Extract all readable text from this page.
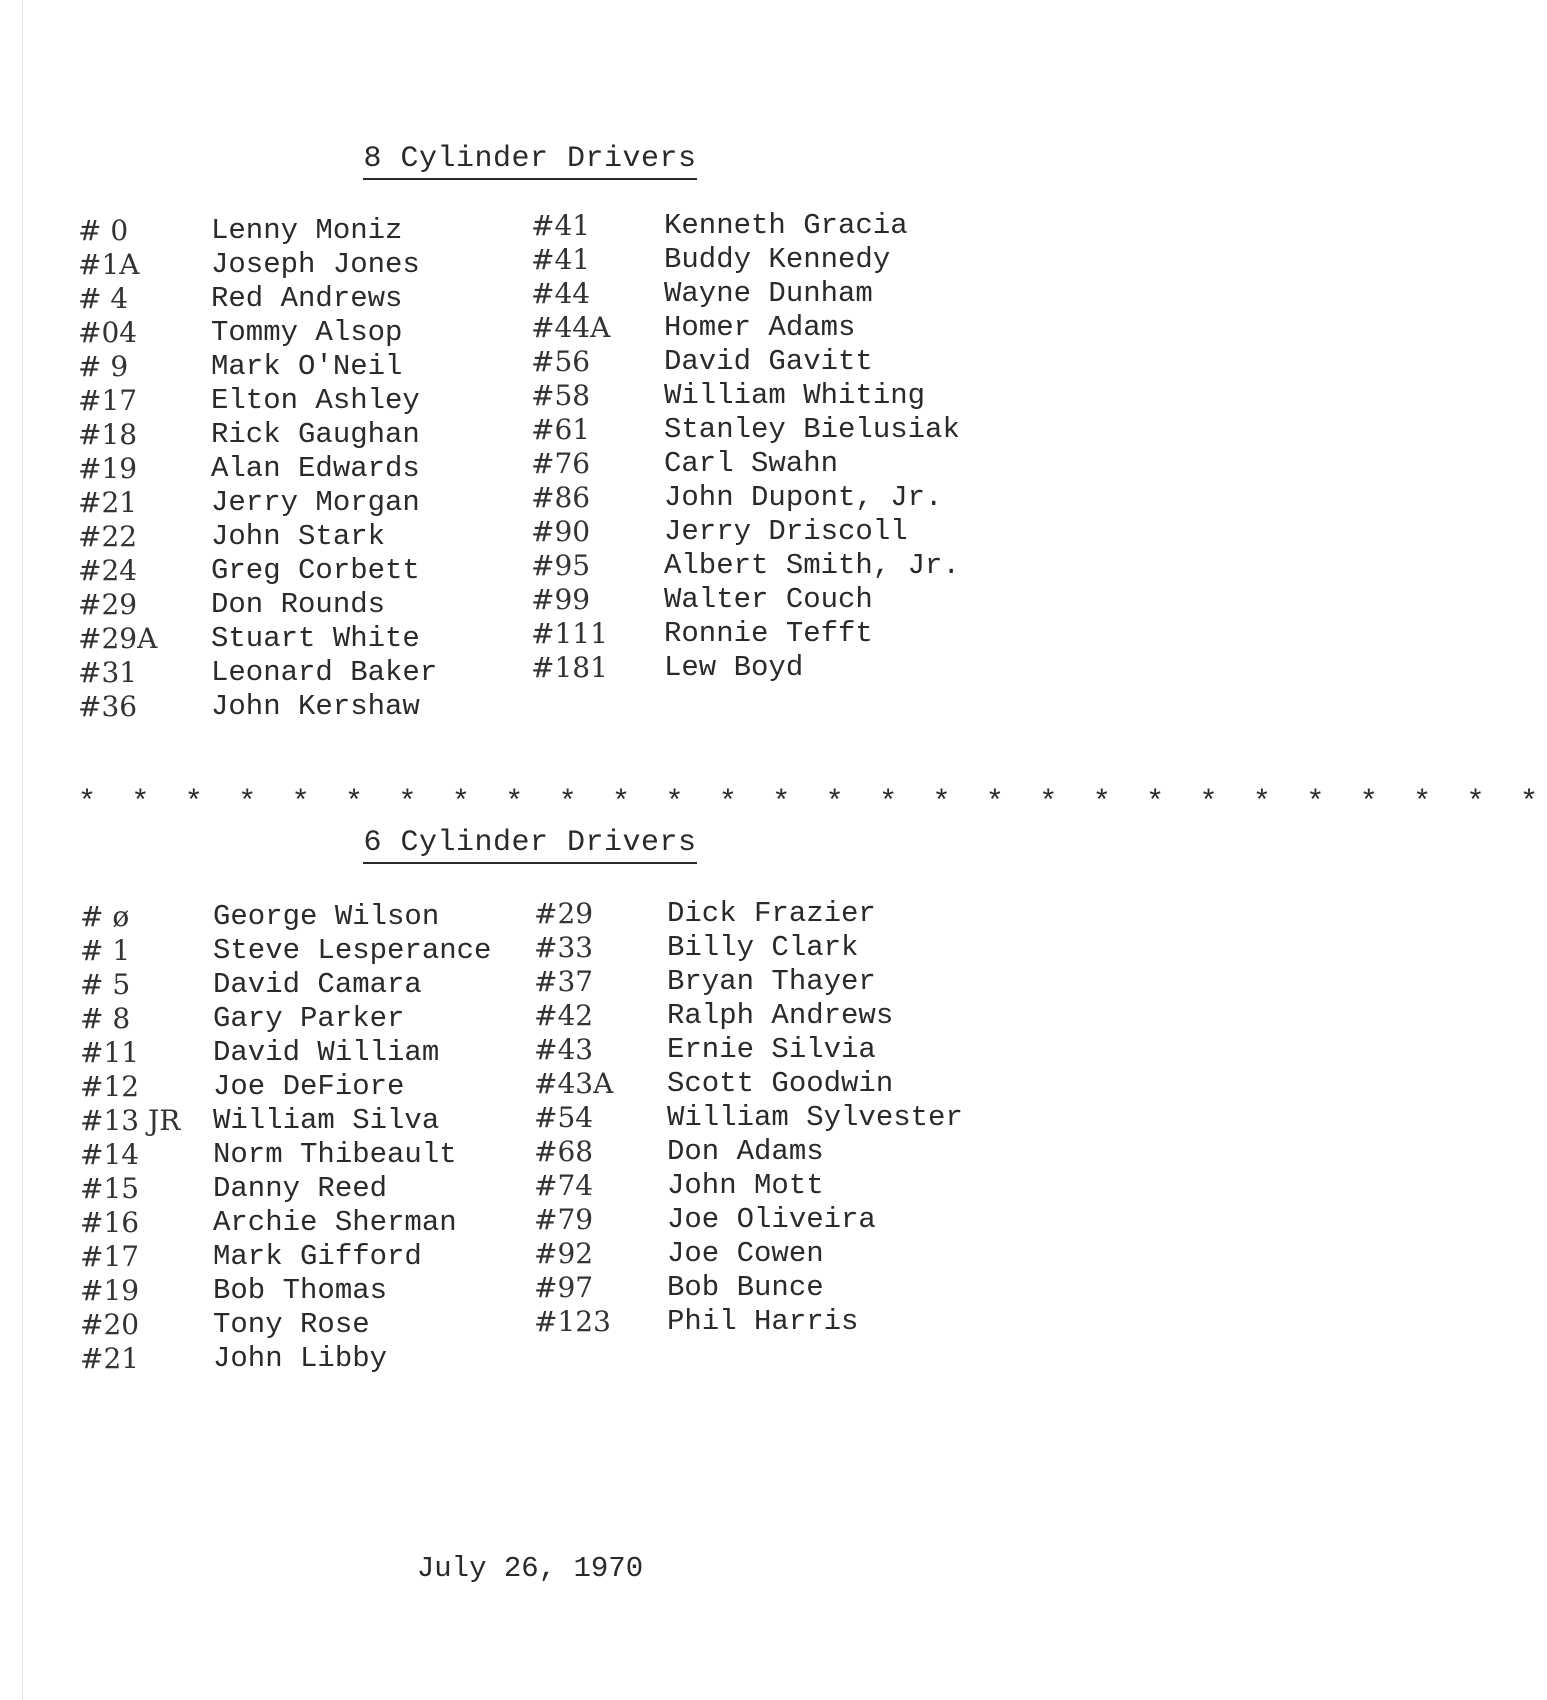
8 Cylinder Drivers
# 0	Lenny Moniz
#1A Joseph Jones
# 4	Red Andrews
#04	Tommy Alsop
# 9	Mark O'Neil
#17	Elton Ashley
#18	Rick Gaughan
#19	Alan Edwards
#21	Jerry Morgan
#22	John Stark
#24	Greg Corbett
#29	Don Rounds
#29A Stuart White
#31	Leonard Baker
#36	John Kershaw
#41	Kenneth Gracia
#41	Buddy Kennedy
#44	Wayne Dunham
#44A Homer Adams
#56	David Gavitt
#58	William Whiting
#61	Stanley Bielusiak
#76	Carl Swahn
#86	John Dupont, Jr.
#90	Jerry Driscoll
#95	Albert Smith, Jr.
#99	Walter Couch
#111 Ronnie Tefft
#181 Lew Boyd
* * * * * * * * * * * * * * * * * * * * * * * * * * * *
6 Cylinder Drivers
# ø	George Wilson
# 1	Steve Lesperance
# 5	David Camara
# 8	Gary Parker
#11	David William
#12	Joe DeFiore
#13 JR William Silva
#14	Norm Thibeault
#15	Danny Reed
#16	Archie Sherman
#17	Mark Gifford
#19	Bob Thomas
#20	Tony Rose
#21	John Libby
#29	Dick Frazier
#33	Billy Clark
#37	Bryan Thayer
#42	Ralph Andrews
#43	Ernie Silvia
#43A Scott Goodwin
#54	William Sylvester
#68	Don Adams
#74	John Mott
#79	Joe Oliveira
#92	Joe Cowen
#97	Bob Bunce
#123 Phil Harris
July 26, 1970
